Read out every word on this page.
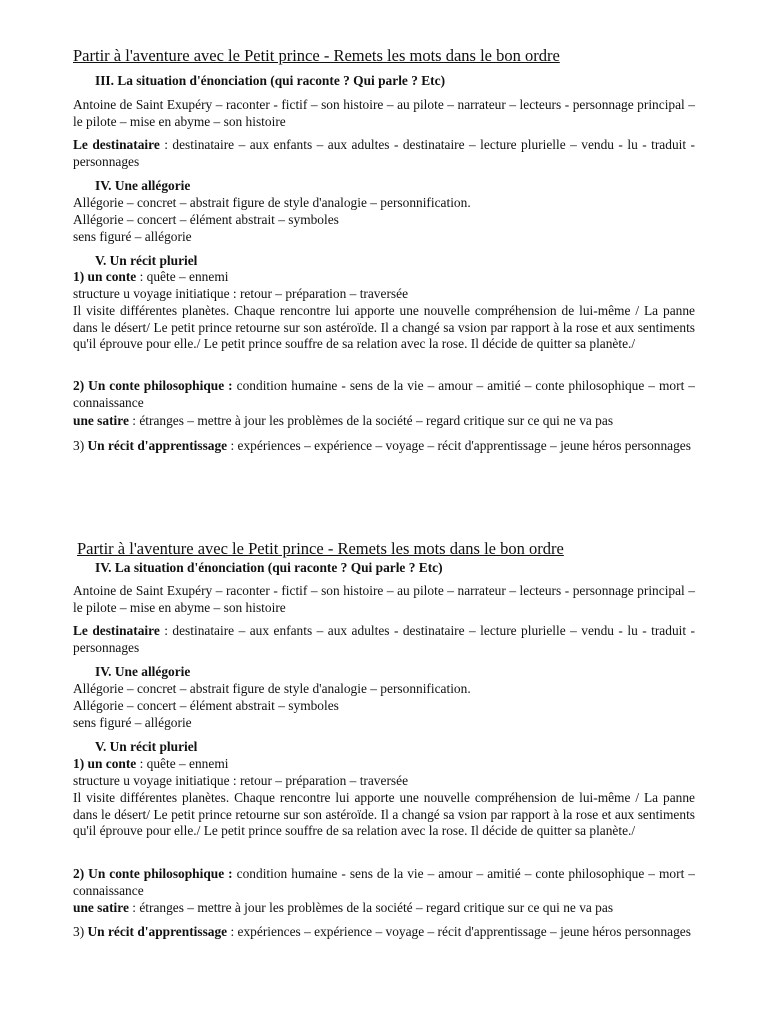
Partir à l'aventure avec le Petit prince - Remets les mots dans le bon ordre
III. La situation d'énonciation (qui raconte ? Qui parle ? Etc)
Antoine de Saint Exupéry – raconter - fictif – son histoire – au pilote – narrateur – lecteurs - personnage principal – le pilote – mise en abyme – son histoire
Le destinataire : destinataire – aux enfants – aux adultes - destinataire – lecture plurielle – vendu - lu - traduit - personnages
IV. Une allégorie
Allégorie – concret – abstrait figure de style d'analogie – personnification.
Allégorie – concert – élément abstrait – symboles
sens figuré – allégorie
V. Un récit pluriel
1) un conte : quête – ennemi
structure u voyage initiatique : retour – préparation – traversée
Il visite différentes planètes. Chaque rencontre lui apporte une nouvelle compréhension de lui-même / La panne dans le désert/ Le petit prince retourne sur son astéroïde. Il a changé sa vsion par rapport à la rose et aux sentiments qu'il éprouve pour elle./ Le petit prince souffre de sa relation avec la rose. Il décide de quitter sa planète./
2) Un conte philosophique : condition humaine - sens de la vie – amour – amitié – conte philosophique – mort – connaissance
une satire : étranges – mettre à jour les problèmes de la société – regard critique sur ce qui ne va pas
3) Un récit d'apprentissage : expériences – expérience – voyage – récit d'apprentissage – jeune héros personnages
Partir à l'aventure avec le Petit prince - Remets les mots dans le bon ordre
IV. La situation d'énonciation (qui raconte ? Qui parle ? Etc)
Antoine de Saint Exupéry – raconter - fictif – son histoire – au pilote – narrateur – lecteurs - personnage principal – le pilote – mise en abyme – son histoire
Le destinataire : destinataire – aux enfants – aux adultes - destinataire – lecture plurielle – vendu - lu - traduit - personnages
IV. Une allégorie
Allégorie – concret – abstrait figure de style d'analogie – personnification.
Allégorie – concert – élément abstrait – symboles
sens figuré – allégorie
V. Un récit pluriel
1) un conte : quête – ennemi
structure u voyage initiatique : retour – préparation – traversée
Il visite différentes planètes. Chaque rencontre lui apporte une nouvelle compréhension de lui-même / La panne dans le désert/ Le petit prince retourne sur son astéroïde. Il a changé sa vsion par rapport à la rose et aux sentiments qu'il éprouve pour elle./ Le petit prince souffre de sa relation avec la rose. Il décide de quitter sa planète./
2) Un conte philosophique : condition humaine - sens de la vie – amour – amitié – conte philosophique – mort – connaissance
une satire : étranges – mettre à jour les problèmes de la société – regard critique sur ce qui ne va pas
3) Un récit d'apprentissage : expériences – expérience – voyage – récit d'apprentissage – jeune héros personnages
